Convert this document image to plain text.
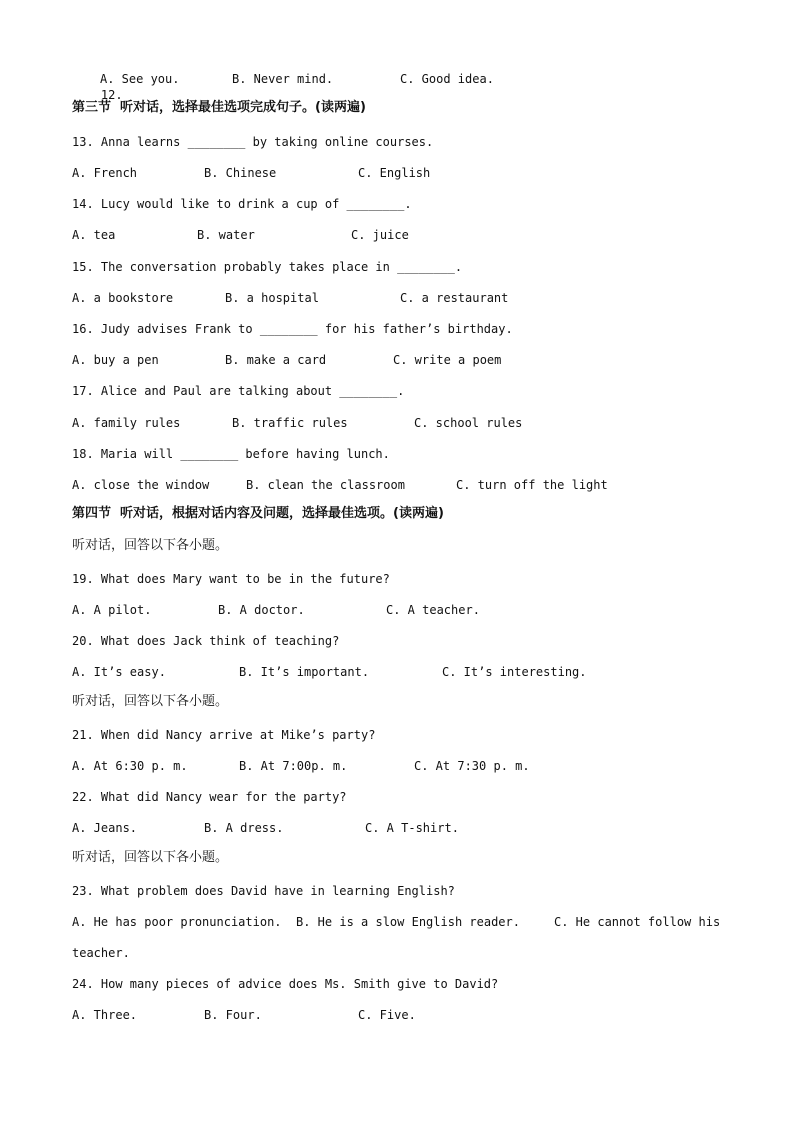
12.

A. See you.

	B. Never mind.

	C. Good idea.

第三节  听对话，选择最佳选项完成句子。(读两遍)
13. Anna learns ________ by taking online courses.

A. French

	B. Chinese

	C. English

14. Lucy would like to drink a cup of ________.

A. tea

	B. water

	C. juice

15. The conversation probably takes place in ________.

A. a bookstore

	B. a hospital

	C. a restaurant

16. Judy advises Frank to ________ for his father’s birthday.

A. buy a pen

	B. make a card

	C. write a poem

17. Alice and Paul are talking about ________.

A. family rules

	B. traffic rules

	C. school rules

18. Maria will ________ before having lunch.

A. close the window

	B. clean the classroom

	C. turn off the light

第四节  听对话，根据对话内容及问题，选择最佳选项。(读两遍)
听对话，回答以下各小题。
19. What does Mary want to be in the future?

A. A pilot.

	B. A doctor.

	C. A teacher.

20. What does Jack think of teaching?

A. It’s easy.

	B. It’s important.

	C. It’s interesting.

听对话，回答以下各小题。
21. When did Nancy arrive at Mike’s party?

A. At 6:30 p. m.

	B. At 7:00p. m.

	C. At 7:30 p. m.

22. What did Nancy wear for the party?

A. Jeans.

	B. A dress.

	C. A T-shirt.

听对话，回答以下各小题。
23. What problem does David have in learning English?

A. He has poor pronunciation.

B. He is a slow English reader.

	C. He cannot follow his

teacher.
24. How many pieces of advice does Ms. Smith give to David?

A. Three.

	B. Four.

	C. Five.
